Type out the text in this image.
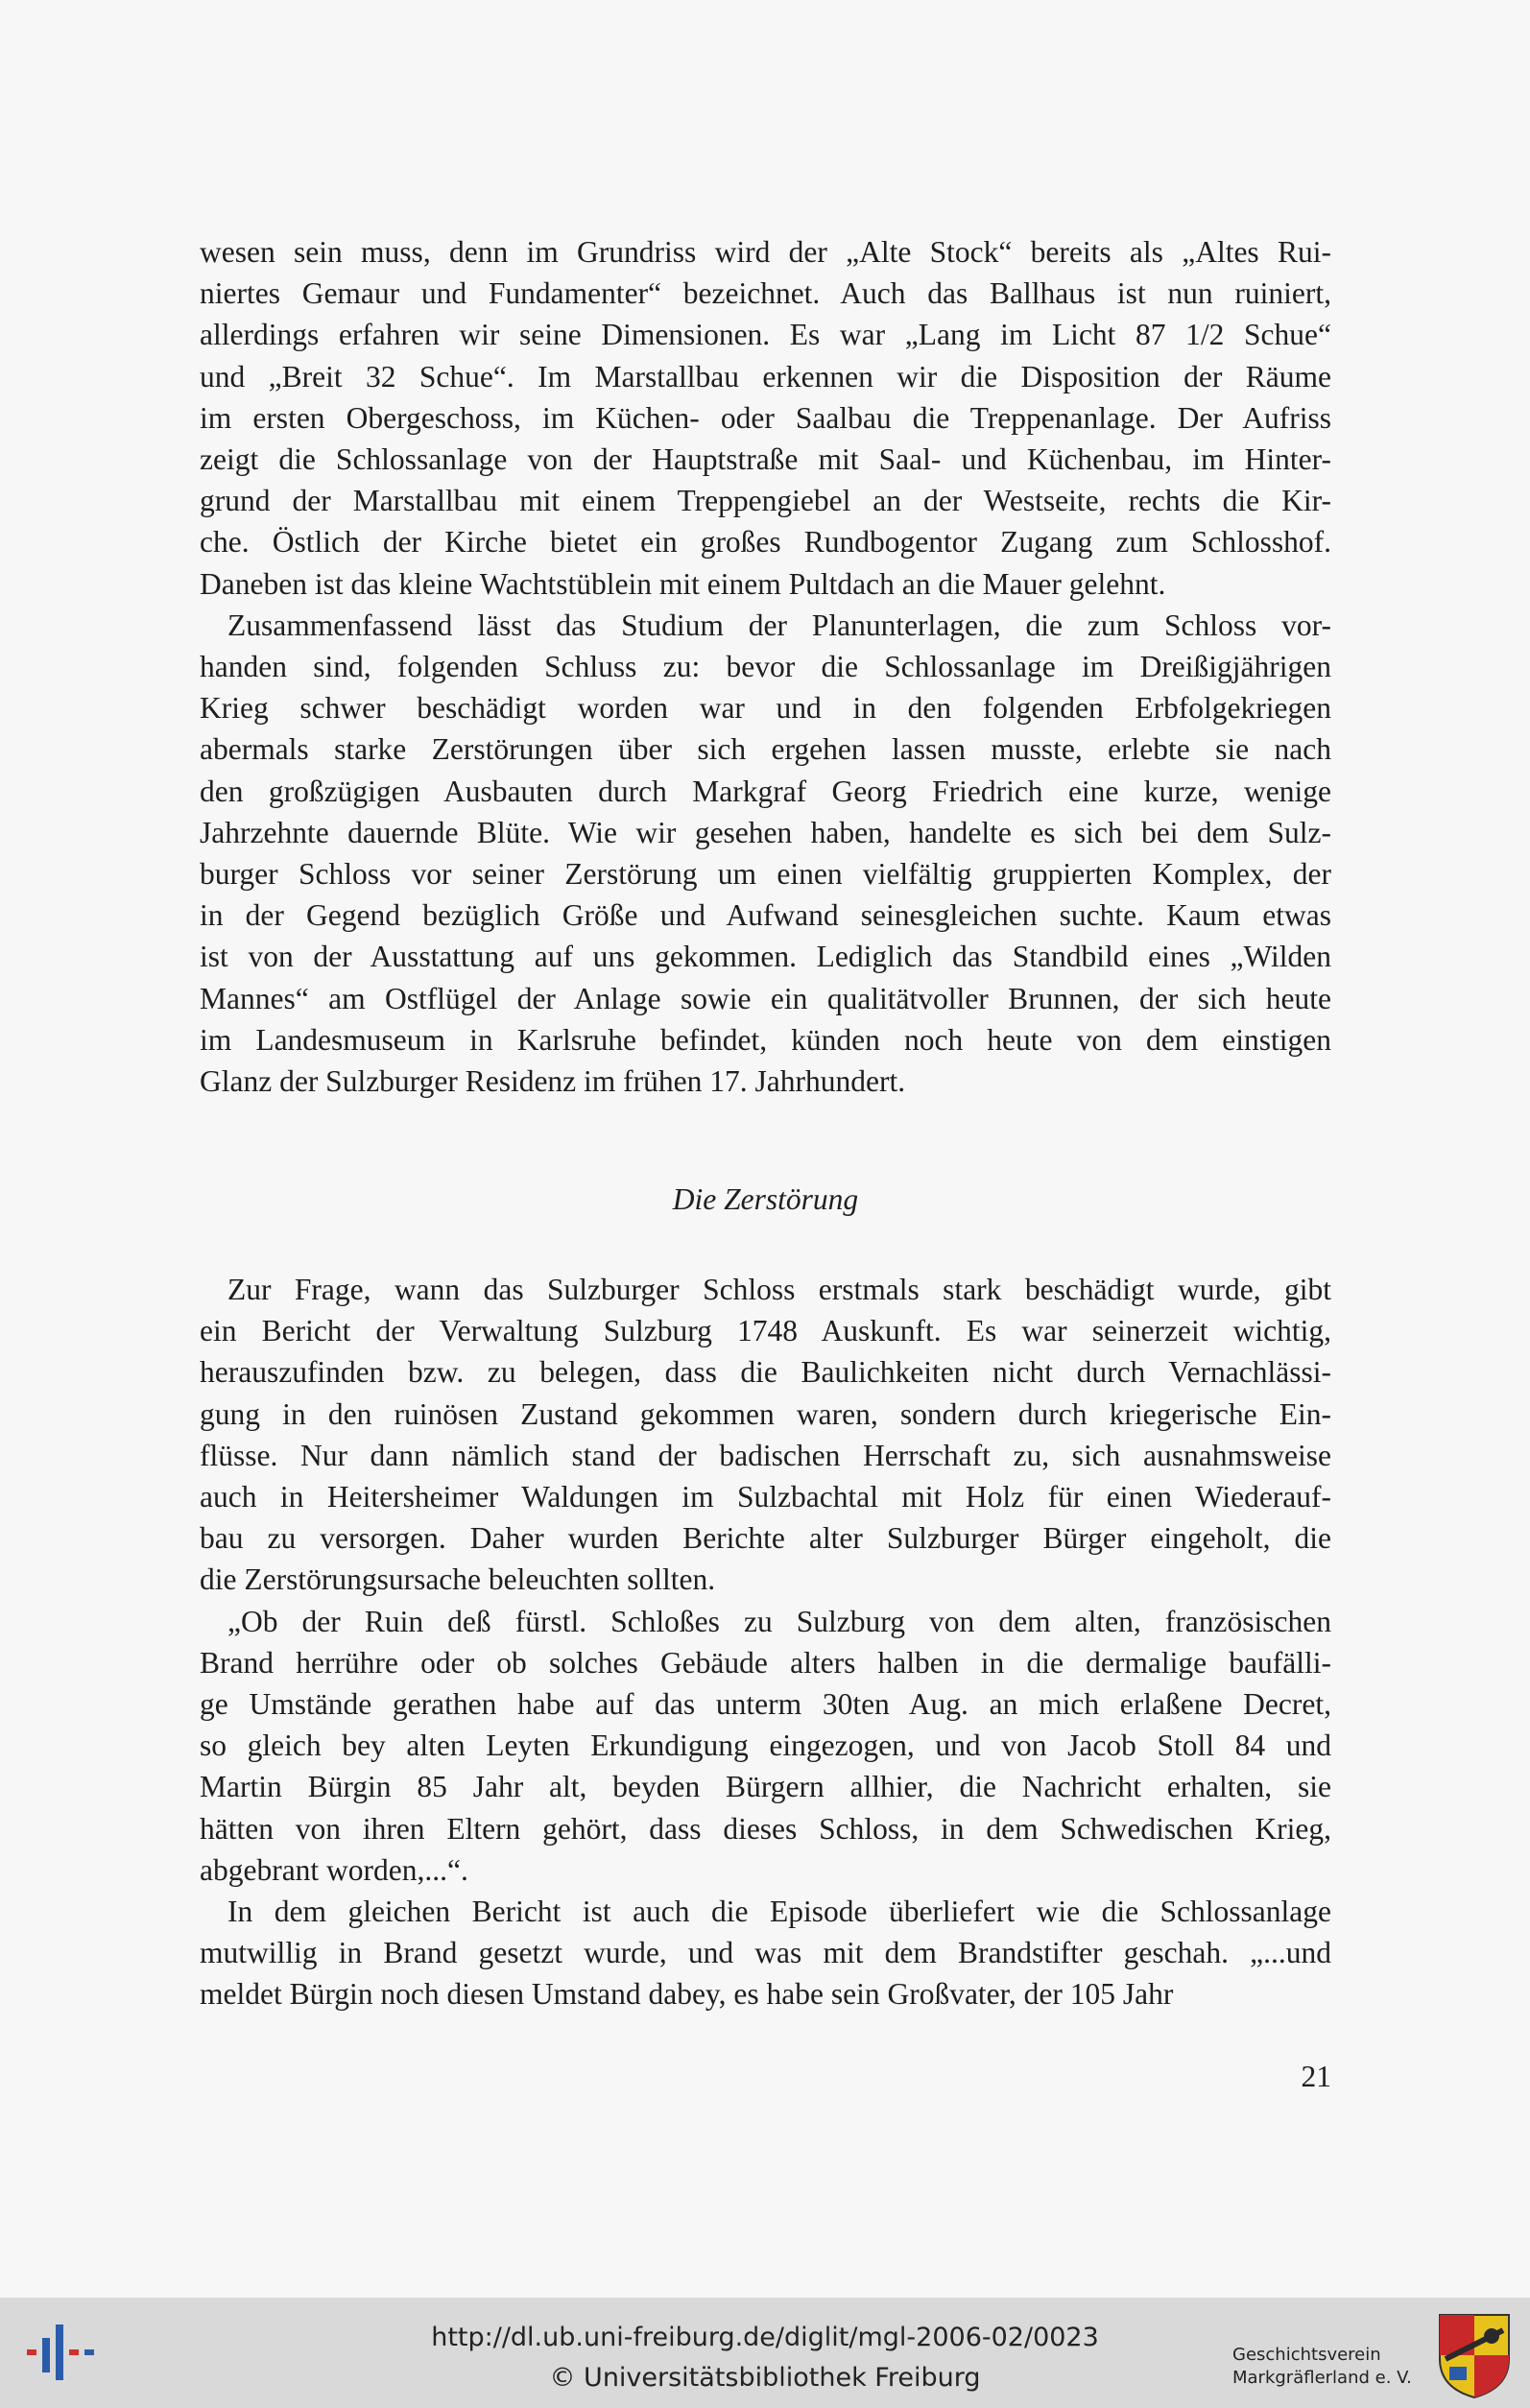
wesen sein muss, denn im Grundriss wird der „Alte Stock“ bereits als „Altes Rui-
niertes Gemaur und Fundamenter“ bezeichnet. Auch das Ballhaus ist nun ruiniert,
allerdings erfahren wir seine Dimensionen. Es war „Lang im Licht 87 1/2 Schue“
und „Breit 32 Schue“. Im Marstallbau erkennen wir die Disposition der Räume
im ersten Obergeschoss, im Küchen- oder Saalbau die Treppenanlage. Der Aufriss
zeigt die Schlossanlage von der Hauptstraße mit Saal- und Küchenbau, im Hinter-
grund der Marstallbau mit einem Treppengiebel an der Westseite, rechts die Kir-
che. Östlich der Kirche bietet ein großes Rundbogentor Zugang zum Schlosshof.
Daneben ist das kleine Wachtstüblein mit einem Pultdach an die Mauer gelehnt.

Zusammenfassend lässt das Studium der Planunterlagen, die zum Schloss vor-
handen sind, folgenden Schluss zu: bevor die Schlossanlage im Dreißigjährigen
Krieg schwer beschädigt worden war und in den folgenden Erbfolgekriegen
abermals starke Zerstörungen über sich ergehen lassen musste, erlebte sie nach
den großzügigen Ausbauten durch Markgraf Georg Friedrich eine kurze, wenige
Jahrzehnte dauernde Blüte. Wie wir gesehen haben, handelte es sich bei dem Sulz-
burger Schloss vor seiner Zerstörung um einen vielfältig gruppierten Komplex, der
in der Gegend bezüglich Größe und Aufwand seinesgleichen suchte. Kaum etwas
ist von der Ausstattung auf uns gekommen. Lediglich das Standbild eines „Wilden
Mannes“ am Ostflügel der Anlage sowie ein qualitätvoller Brunnen, der sich heute
im Landesmuseum in Karlsruhe befindet, künden noch heute von dem einstigen
Glanz der Sulzburger Residenz im frühen 17. Jahrhundert.

Die Zerstörung

Zur Frage, wann das Sulzburger Schloss erstmals stark beschädigt wurde, gibt
ein Bericht der Verwaltung Sulzburg 1748 Auskunft. Es war seinerzeit wichtig,
herauszufinden bzw. zu belegen, dass die Baulichkeiten nicht durch Vernachlässi-
gung in den ruinösen Zustand gekommen waren, sondern durch kriegerische Ein-
flüsse. Nur dann nämlich stand der badischen Herrschaft zu, sich ausnahmsweise
auch in Heitersheimer Waldungen im Sulzbachtal mit Holz für einen Wiederauf-
bau zu versorgen. Daher wurden Berichte alter Sulzburger Bürger eingeholt, die
die Zerstörungsursache beleuchten sollten.

„Ob der Ruin deß fürstl. Schloßes zu Sulzburg von dem alten, französischen
Brand herrühre oder ob solches Gebäude alters halben in die dermalige baufälli-
ge Umstände gerathen habe auf das unterm 30ten Aug. an mich erlaßene Decret,
so gleich bey alten Leyten Erkundigung eingezogen, und von Jacob Stoll 84 und
Martin Bürgin 85 Jahr alt, beyden Bürgern allhier, die Nachricht erhalten, sie
hätten von ihren Eltern gehört, dass dieses Schloss, in dem Schwedischen Krieg,
abgebrant worden,...“.

In dem gleichen Bericht ist auch die Episode überliefert wie die Schlossanlage
mutwillig in Brand gesetzt wurde, und was mit dem Brandstifter geschah. „...und
meldet Bürgin noch diesen Umstand dabey, es habe sein Großvater, der 105 Jahr

21
http://dl.ub.uni-freiburg.de/diglit/mgl-2006-02/0023
© Universitätsbibliothek Freiburg
Geschichtsverein
Markgräflerland e. V.
